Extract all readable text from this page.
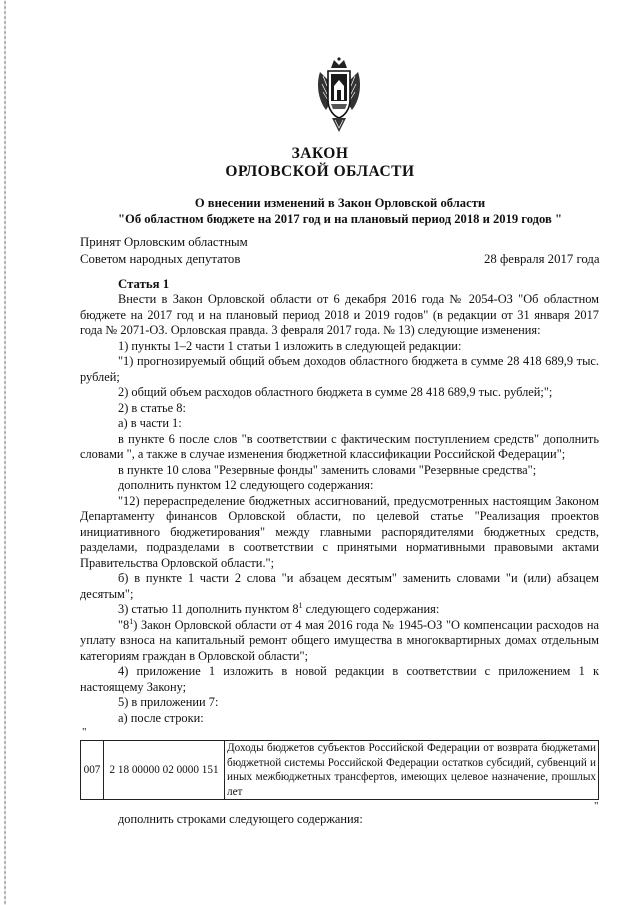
ЗАКОН
ОРЛОВСКОЙ ОБЛАСТИ
О внесении изменений в Закон Орловской области
"Об областном бюджете на 2017 год и на плановый период 2018 и 2019 годов "
Принят Орловским областным
Советом народных депутатов	28 февраля 2017 года
Статья 1

Внести в Закон Орловской области от 6 декабря 2016 года № 2054-ОЗ "Об областном бюджете на 2017 год и на плановый период 2018 и 2019 годов" (в редакции от 31 января 2017 года № 2071-ОЗ. Орловская правда. 3 февраля 2017 года. № 13) следующие изменения:

1) пункты 1–2 части 1 статьи 1 изложить в следующей редакции:

"1) прогнозируемый общий объем доходов областного бюджета в сумме 28 418 689,9 тыс. рублей;

2) общий объем расходов областного бюджета в сумме 28 418 689,9 тыс. рублей;";

2) в статье 8:

а) в части 1:

в пункте 6 после слов "в соответствии с фактическим поступлением средств" дополнить словами ", а также в случае изменения бюджетной классификации Российской Федерации";

в пункте 10 слова "Резервные фонды" заменить словами "Резервные средства";

дополнить пунктом 12 следующего содержания:

"12) перераспределение бюджетных ассигнований, предусмотренных настоящим Законом Департаменту финансов Орловской области, по целевой статье "Реализация проектов инициативного бюджетирования" между главными распорядителями бюджетных средств, разделами, подразделами в соответствии с принятыми нормативными правовыми актами Правительства Орловской области.";

б) в пункте 1 части 2 слова "и абзацем десятым" заменить словами "и (или) абзацем десятым";

3) статью 11 дополнить пунктом $8^1$ следующего содержания:

"$8^1$) Закон Орловской области от 4 мая 2016 года № 1945-ОЗ "О компенсации расходов на уплату взноса на капитальный ремонт общего имущества в многоквартирных домах отдельным категориям граждан в Орловской области";

4) приложение 1 изложить в новой редакции в соответствии с приложением 1 к настоящему Закону;

5) в приложении 7:

а) после строки:

"
007	2 18 00000 02 0000 151	Доходы бюджетов субъектов Российской Федерации от возврата бюджетами бюджетной системы Российской Федерации остатков субсидий, субвенций и иных межбюджетных трансфертов, имеющих целевое назначение, прошлых лет
"
дополнить строками следующего содержания:
